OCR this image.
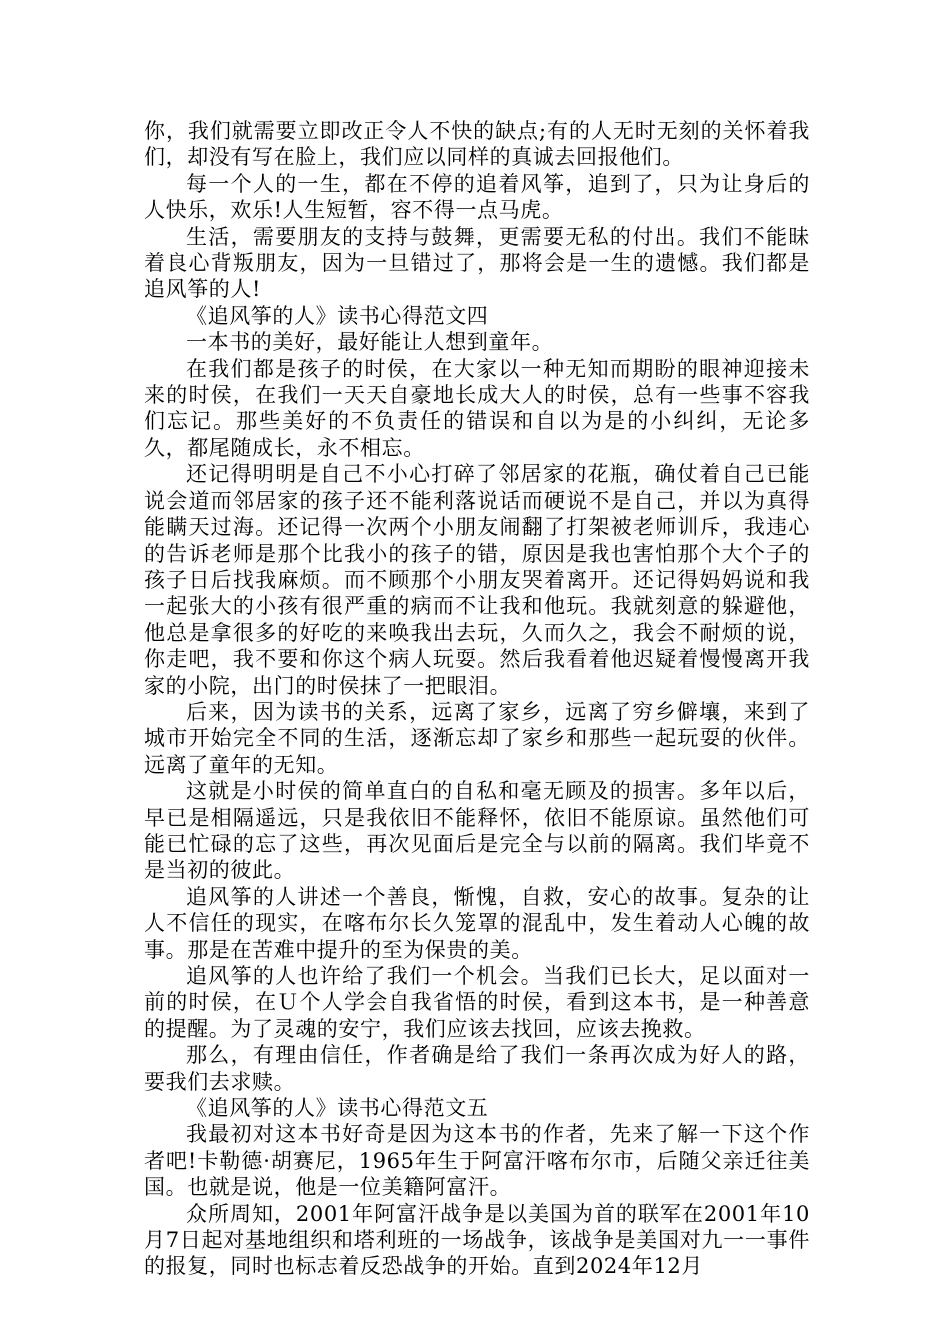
你，我们就需要立即改正令人不快的缺点;有的人无时无刻的关怀着我们，却没有写在脸上，我们应以同样的真诚去回报他们。

每一个人的一生，都在不停的追着风筝，追到了，只为让身后的人快乐，欢乐!人生短暂，容不得一点马虎。

生活，需要朋友的支持与鼓舞，更需要无私的付出。我们不能昧着良心背叛朋友，因为一旦错过了，那将会是一生的遗憾。我们都是追风筝的人!

《追风筝的人》读书心得范文四

一本书的美好，最好能让人想到童年。

在我们都是孩子的时侯，在大家以一种无知而期盼的眼神迎接未来的时侯，在我们一天天自豪地长成大人的时侯，总有一些事不容我们忘记。那些美好的不负责任的错误和自以为是的小纠纠，无论多久，都尾随成长，永不相忘。

还记得明明是自己不小心打碎了邻居家的花瓶，确仗着自己已能说会道而邻居家的孩子还不能利落说话而硬说不是自己，并以为真得能瞒天过海。还记得一次两个小朋友闹翻了打架被老师训斥，我违心的告诉老师是那个比我小的孩子的错，原因是我也害怕那个大个子的孩子日后找我麻烦。而不顾那个小朋友哭着离开。还记得妈妈说和我一起张大的小孩有很严重的病而不让我和他玩。我就刻意的躲避他，他总是拿很多的好吃的来唤我出去玩，久而久之，我会不耐烦的说，你走吧，我不要和你这个病人玩耍。然后我看着他迟疑着慢慢离开我家的小院，出门的时侯抹了一把眼泪。

后来，因为读书的关系，远离了家乡，远离了穷乡僻壤，来到了城市开始完全不同的生活，逐渐忘却了家乡和那些一起玩耍的伙伴。远离了童年的无知。

这就是小时侯的简单直白的自私和毫无顾及的损害。多年以后，早已是相隔遥远，只是我依旧不能释怀，依旧不能原谅。虽然他们可能已忙碌的忘了这些，再次见面后是完全与以前的隔离。我们毕竟不是当初的彼此。

追风筝的人讲述一个善良，惭愧，自救，安心的故事。复杂的让人不信任的现实，在喀布尔长久笼罩的混乱中，发生着动人心魄的故事。那是在苦难中提升的至为保贵的美。

追风筝的人也许给了我们一个机会。当我们已长大，足以面对一前的时侯，在Ｕ个人学会自我省悟的时侯，看到这本书，是一种善意的提醒。为了灵魂的安宁，我们应该去找回，应该去挽救。

那么，有理由信任，作者确是给了我们一条再次成为好人的路，要我们去求赎。

《追风筝的人》读书心得范文五

我最初对这本书好奇是因为这本书的作者，先来了解一下这个作者吧!卡勒德·胡赛尼，1965年生于阿富汗喀布尔市，后随父亲迁往美国。也就是说，他是一位美籍阿富汗。

众所周知，2001年阿富汗战争是以美国为首的联军在2001年10月7日起对基地组织和塔利班的一场战争，该战争是美国对九一一事件的报复，同时也标志着反恐战争的开始。直到2024年12月
